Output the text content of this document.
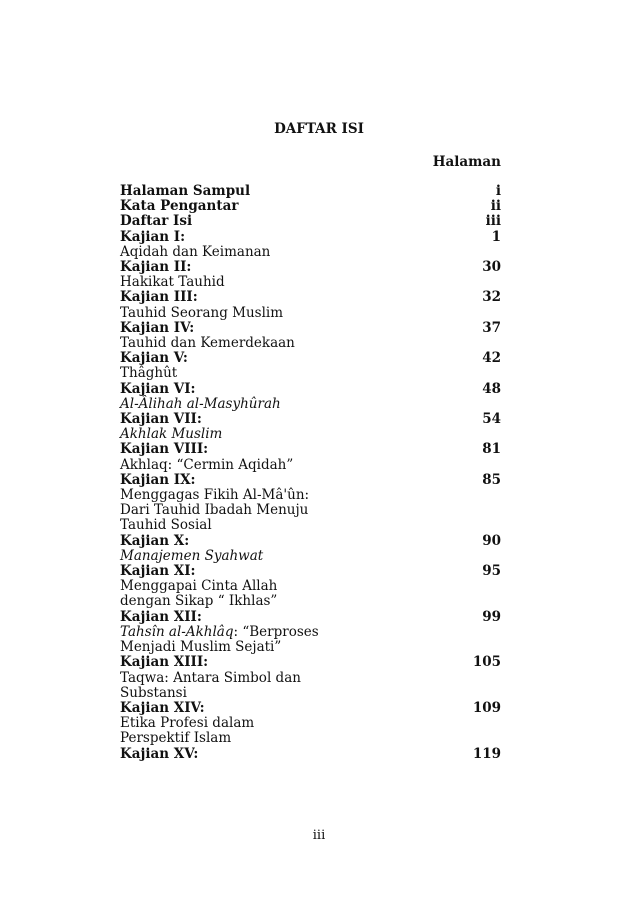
DAFTAR ISI
Halaman
Halaman Sampul	i
Kata Pengantar	ii
Daftar Isi	iii
Kajian I:	1
Aqidah dan Keimanan
Kajian II:	30
Hakikat Tauhid
Kajian III:	32
Tauhid Seorang Muslim
Kajian IV:	37
Tauhid dan Kemerdekaan
Kajian V:	42
Thâghût
Kajian VI:	48
Al-Âlihah al-Masyhûrah
Kajian VII:	54
Akhlak Muslim
Kajian VIII:	81
Akhlaq: “Cermin Aqidah”
Kajian IX:	85
Menggagas Fikih Al-Mâ'ûn: Dari Tauhid Ibadah Menuju Tauhid Sosial
Kajian X:	90
Manajemen Syahwat
Kajian XI:	95
Menggapai Cinta Allah dengan Sikap “ Ikhlas”
Kajian XII:	99
Tahsîn al-Akhlâq: “Berproses Menjadi Muslim Sejati”
Kajian XIII:	105
Taqwa: Antara Simbol dan Substansi
Kajian XIV:	109
Etika Profesi dalam Perspektif Islam
Kajian XV:	119
iii
